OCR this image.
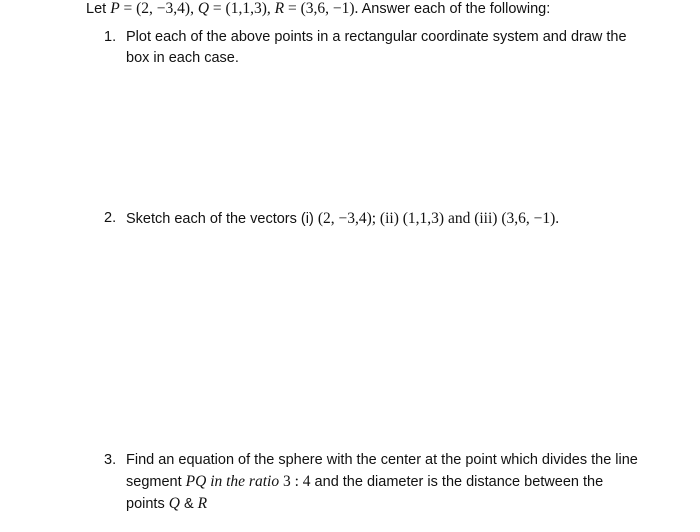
Let P = (2, −3,4), Q = (1,1,3), R = (3,6, −1). Answer each of the following:
1. Plot each of the above points in a rectangular coordinate system and draw the
box in each case.
2. Sketch each of the vectors (i) (2, −3,4); (ii) (1,1,3) and (iii) (3,6, −1).
3. Find an equation of the sphere with the center at the point which divides the line
segment PQ in the ratio 3 : 4 and the diameter is the distance between the
points Q & R
